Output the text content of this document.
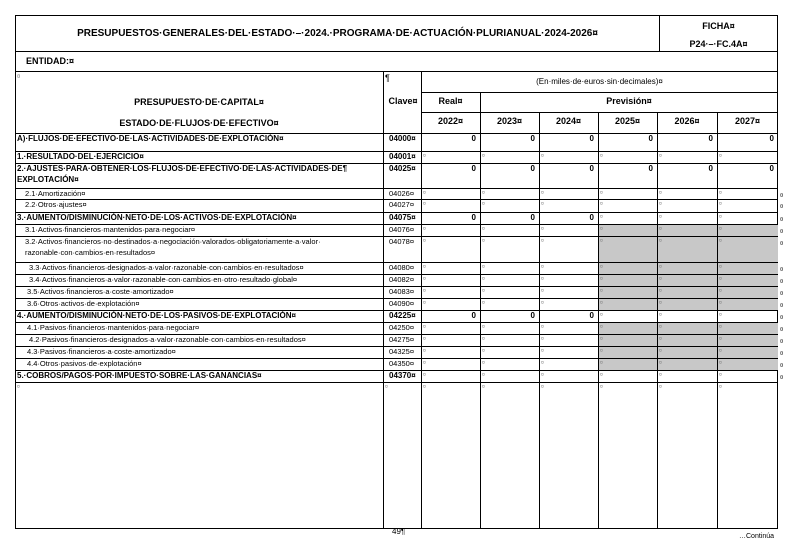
PRESUPUESTOS·GENERALES·DEL·ESTADO·–·2024.·PROGRAMA·DE·ACTUACIÓN·PLURIANUAL·2024-2026¤
FICHA¤
P24·–·FC.4A¤
ENTIDAD:¤
¶	(En·miles·de·euros·sin·decimales)¤
PRESUPUESTO·DE·CAPITAL¤
ESTADO·DE·FLUJOS·DE·EFECTIVO¤
Clave¤	Real¤	Previsión¤
¤
2022¤	2023¤	2024¤	2025¤	2026¤	2027¤
A)·FLUJOS·DE·EFECTIVO·DE·LAS·ACTIVIDADES·DE·EXPLOTACIÓN¤	04000¤	0	0	0	0	0	0
1.·RESULTADO·DEL·EJERCICIO¤	04001¤ ¤	¤	¤	¤	¤	¤
2.·AJUSTES·PARA·OBTENER·LOS·FLUJOS·DE·EFECTIVO·DE·LAS·ACTIVIDADES·DE¶
EXPLOTACIÓN¤
04025¤	0	0	0	0	0	0
2.1·Amortización¤	04026¤ ¤	¤	¤	¤	¤	¤	¤
2.2·Otros·ajustes¤	04027¤ ¤	¤	¤	¤	¤	¤	¤
3.·AUMENTO/DISMINUCIÓN·NETO·DE·LOS·ACTIVOS·DE·EXPLOTACIÓN¤	04075¤	0	0	0 ¤	¤	¤	¤
3.1·Activos·financieros·mantenidos·para·negociar¤	04076¤ ¤	¤	¤	¤	¤	¤	¤
3.2·Activos·financieros·no·destinados·a·negociación·valorados·obligatoriamente·a·valor·
razonable·con·cambios·en·resultados¤
04078¤ ¤	¤	¤	¤	¤	¤	¤
3.3·Activos·financieros·designados·a·valor·razonable·con·cambios·en·resultados¤	04080¤ ¤	¤	¤	¤	¤	¤	¤
3.4·Activos·financieros·a·valor·razonable·con·cambios·en·otro·resultado·global¤	04082¤ ¤	¤	¤	¤	¤	¤	¤
3.5·Activos·financieros·a·coste·amortizado¤	04083¤ ¤	¤	¤	¤	¤	¤	¤
3.6·Otros·activos·de·explotación¤	04090¤ ¤	¤	¤	¤	¤	¤	¤
4.·AUMENTO/DISMINUCIÓN·NETO·DE·LOS·PASIVOS·DE·EXPLOTACIÓN¤	04225¤	0	0	0 ¤	¤	¤	¤
4.1·Pasivos·financieros·mantenidos·para·negociar¤	04250¤ ¤	¤	¤	¤	¤	¤	¤
4.2·Pasivos·financieros·designados·a·valor·razonable·con·cambios·en·resultados¤	04275¤ ¤	¤	¤	¤	¤	¤	¤
4.3·Pasivos·financieros·a·coste·amortizado¤	04325¤ ¤	¤	¤	¤	¤	¤	¤
4.4·Otros·pasivos·de·explotación¤	04350¤ ¤	¤	¤	¤	¤	¤	¤
5.·COBROS/PAGOS·POR·IMPUESTO·SOBRE·LAS·GANANCIAS¤	04370¤ ¤	¤	¤	¤	¤	¤	¤
¤	¤	¤	¤	¤	¤	¤	¤
49¶
…Continúa
